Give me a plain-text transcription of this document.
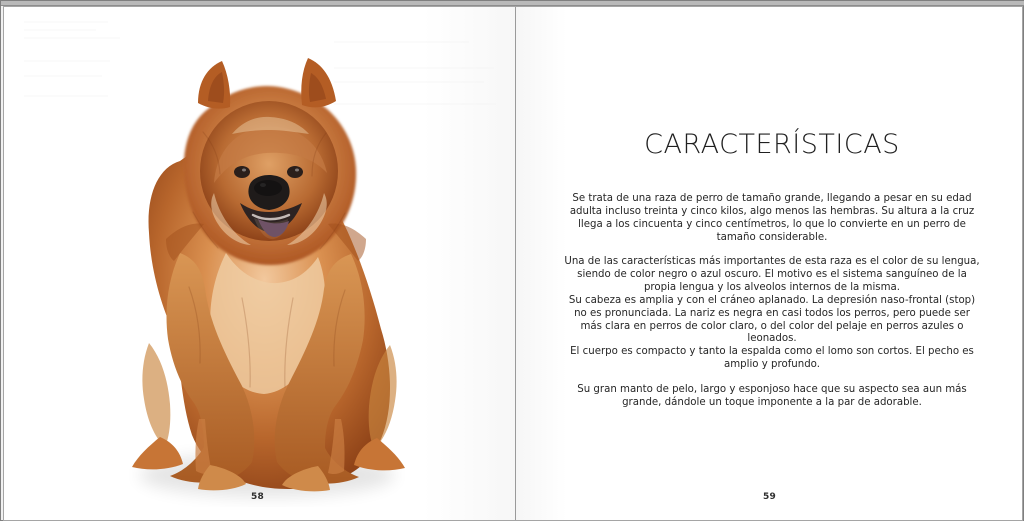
58
CARACTERÍSTICAS
Se trata de una raza de perro de tamaño grande, llegando a pesar en su edad
adulta incluso treinta y cinco kilos, algo menos las hembras. Su altura a la cruz
llega a los cincuenta y cinco centímetros, lo que lo convierte en un perro de
tamaño considerable.
Una de las características más importantes de esta raza es el color de su lengua,
siendo de color negro o azul oscuro. El motivo es el sistema sanguíneo de la
propia lengua y los alveolos internos de la misma.
Su cabeza es amplia y con el cráneo aplanado. La depresión naso-frontal (stop)
no es pronunciada. La nariz es negra en casi todos los perros, pero puede ser
más clara en perros de color claro, o del color del pelaje en perros azules o
leonados.
El cuerpo es compacto y tanto la espalda como el lomo son cortos. El pecho es
amplio y profundo.
Su gran manto de pelo, largo y esponjoso hace que su aspecto sea aun más
grande, dándole un toque imponente a la par de adorable.
59
